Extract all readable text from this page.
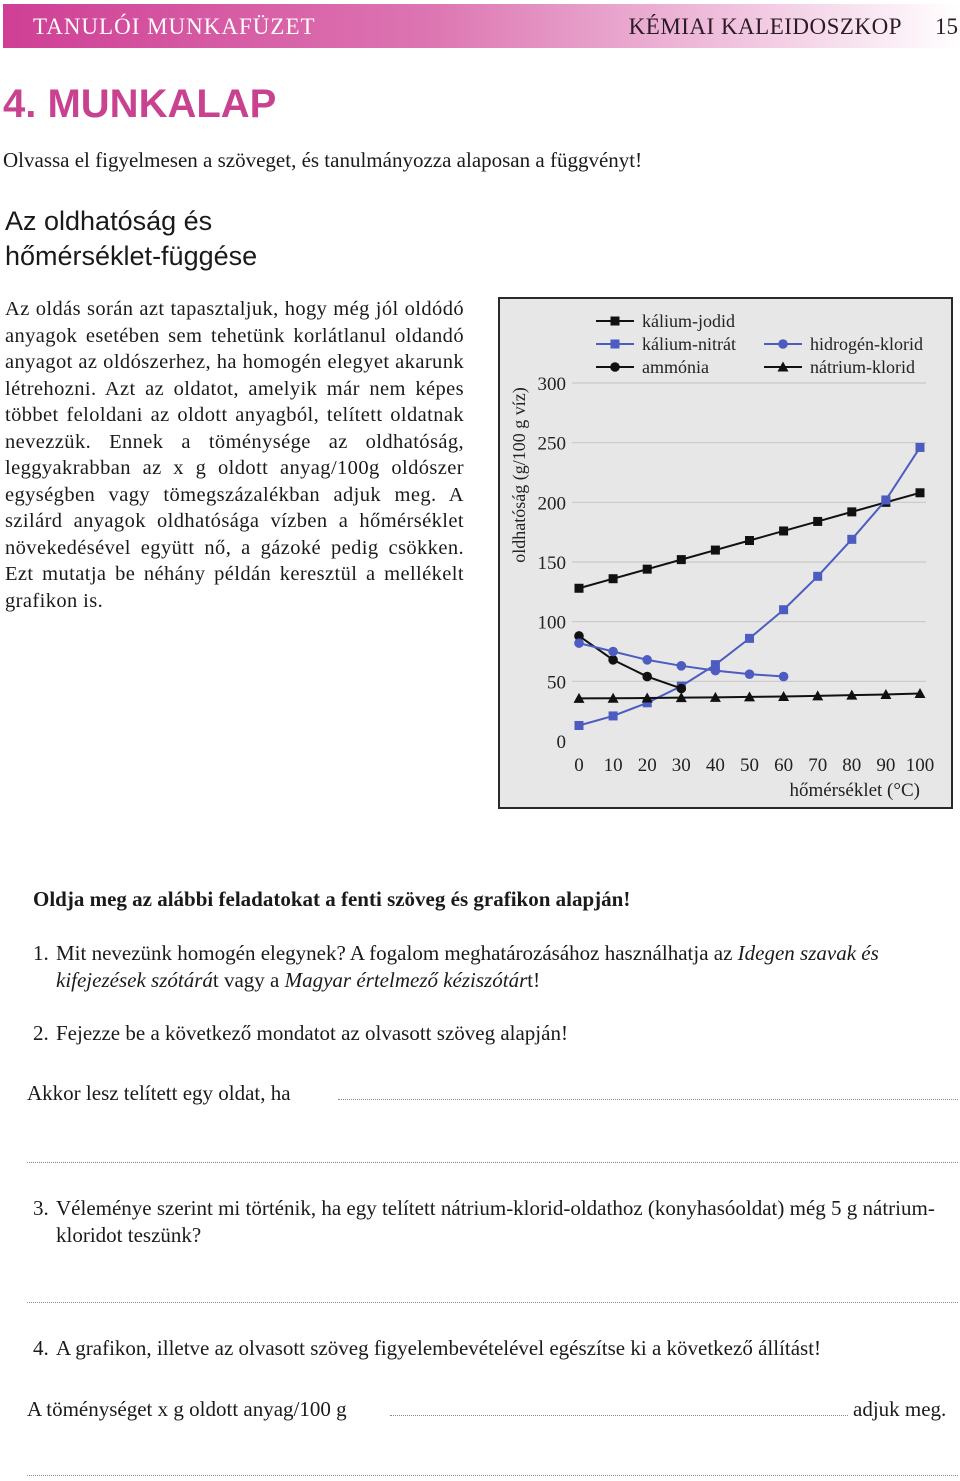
TANULÓI MUNKAFÜZET	KÉMIAI KALEIDOSZKOP 15
4. MUNKALAP
Olvassa el figyelmesen a szöveget, és tanulmányozza alaposan a függvényt!
Az oldhatóság és
hőmérséklet-függése
Az oldás során azt tapasztaljuk, hogy még jól oldódó anyagok esetében sem tehetünk korlátlanul oldandó anyagot az oldószerhez, ha homogén elegyet akarunk létrehozni. Azt az oldatot, amelyik már nem képes többet feloldani az oldott anyagból, telített oldatnak nevezzük. Ennek a töménysége az oldhatóság, leggyakrabban az x g oldott anyag/100g oldószer egységben vagy tömegszázalékban adjuk meg. A szilárd anyagok oldhatósága vízben a hőmérséklet növekedésével együtt nő, a gázoké pedig csökken. Ezt mutatja be néhány példán keresztül a mellékelt grafikon is.
0
50
100
150
200
250
300
0 10 20 30 40 50 60 70 80 90 100
hőmérséklet (°C)
oldhatóság (g/100 g víz)
kálium-jodid
kálium-nitrát
ammónia
hidrogén-klorid
nátrium-klorid
Oldja meg az alábbi feladatokat a fenti szöveg és grafikon alapján!
1. Mit nevezünk homogén elegynek? A fogalom meghatározásához használhatja az Idegen szavak és kifejezések szótárát vagy a Magyar értelmező kéziszótárt!
2. Fejezze be a következő mondatot az olvasott szöveg alapján!
Akkor lesz telített egy oldat, ha
3. Véleménye szerint mi történik, ha egy telített nátrium-klorid-oldathoz (konyhasóoldat) még 5 g nátrium-kloridot teszünk?
4. A grafikon, illetve az olvasott szöveg figyelembevételével egészítse ki a következő állítást!
A töménységet x g oldott anyag/100 g	adjuk meg.
